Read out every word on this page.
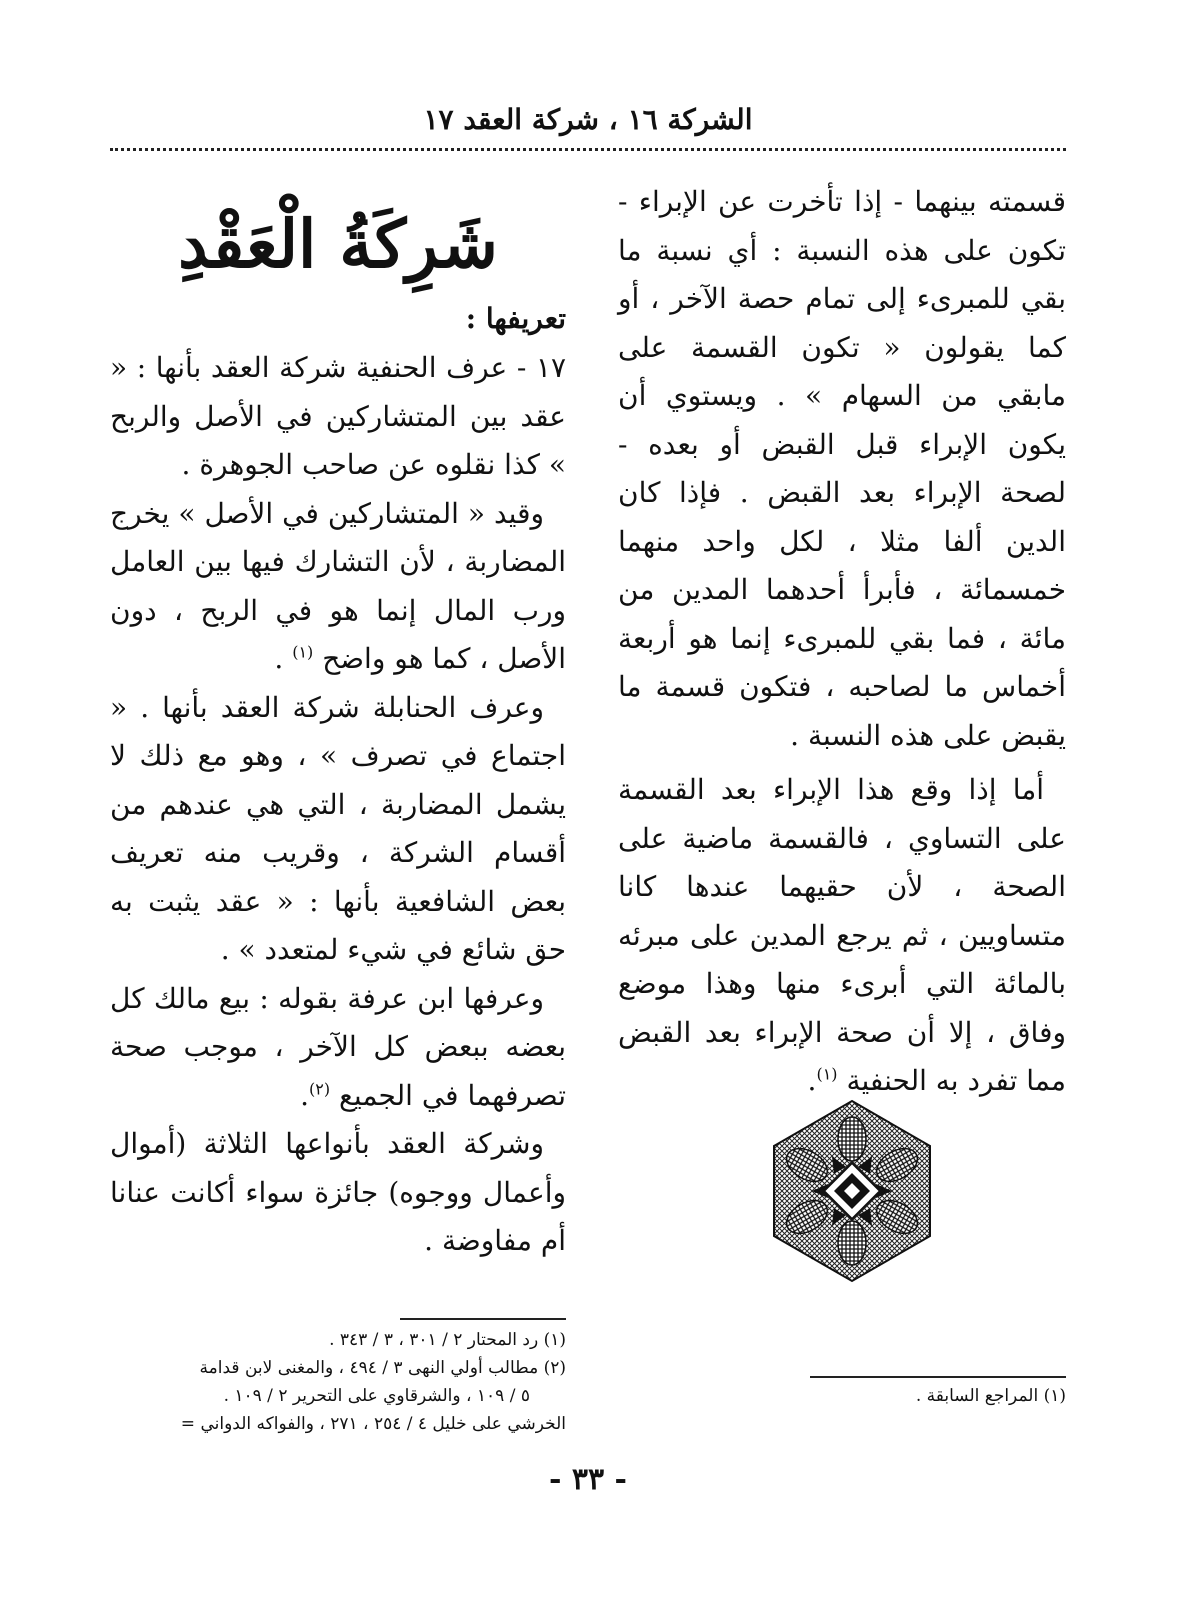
الشركة ١٦ ، شركة العقد ١٧

قسمته بينهما - إذا تأخرت عن الإبراء - تكون على هذه النسبة : أي نسبة ما بقي للمبرىء إلى تمام حصة الآخر ، أو كما يقولون « تكون القسمة على مابقي من السهام » . ويستوي أن يكون الإبراء قبل القبض أو بعده - لصحة الإبراء بعد القبض . فإذا كان الدين ألفا مثلا ، لكل واحد منهما خمسمائة ، فأبرأ أحدهما المدين من مائة ، فما بقي للمبرىء إنما هو أربعة أخماس ما لصاحبه ، فتكون قسمة ما يقبض على هذه النسبة .

أما إذا وقع هذا الإبراء بعد القسمة على التساوي ، فالقسمة ماضية على الصحة ، لأن حقيهما عندها كانا متساويين ، ثم يرجع المدين على مبرئه بالمائة التي أبرىء منها وهذا موضع وفاق ، إلا أن صحة الإبراء بعد القبض مما تفرد به الحنفية $^{(١)}$.

شَرِكَةُ الْعَقْدِ

تعريفها :

١٧ - عرف الحنفية شركة العقد بأنها : « عقد بين المتشاركين في الأصل والربح » كذا نقلوه عن صاحب الجوهرة .

وقيد « المتشاركين في الأصل » يخرج المضاربة ، لأن التشارك فيها بين العامل ورب المال إنما هو في الربح ، دون الأصل ، كما هو واضح $^{(١)}$ .

وعرف الحنابلة شركة العقد بأنها . « اجتماع في تصرف » ، وهو مع ذلك لا يشمل المضاربة ، التي هي عندهم من أقسام الشركة ، وقريب منه تعريف بعض الشافعية بأنها : « عقد يثبت به حق شائع في شيء لمتعدد » .

وعرفها ابن عرفة بقوله : بيع مالك كل بعضه ببعض كل الآخر ، موجب صحة تصرفهما في الجميع $^{(٢)}$.

وشركة العقد بأنواعها الثلاثة (أموال وأعمال ووجوه) جائزة سواء أكانت عنانا أم مفاوضة .

(١) رد المحتار ٢ / ٣٠١ ، ٣ / ٣٤٣ .

(٢) مطالب أولي النهى ٣ / ٤٩٤ ، والمغنى لابن قدامة

٥ / ١٠٩ ، والشرقاوي على التحرير ٢ / ١٠٩ .

الخرشي على خليل ٤ / ٢٥٤ ، ٢٧١ ، والفواكه الدواني =

(١) المراجع السابقة .

- ٣٣ -
